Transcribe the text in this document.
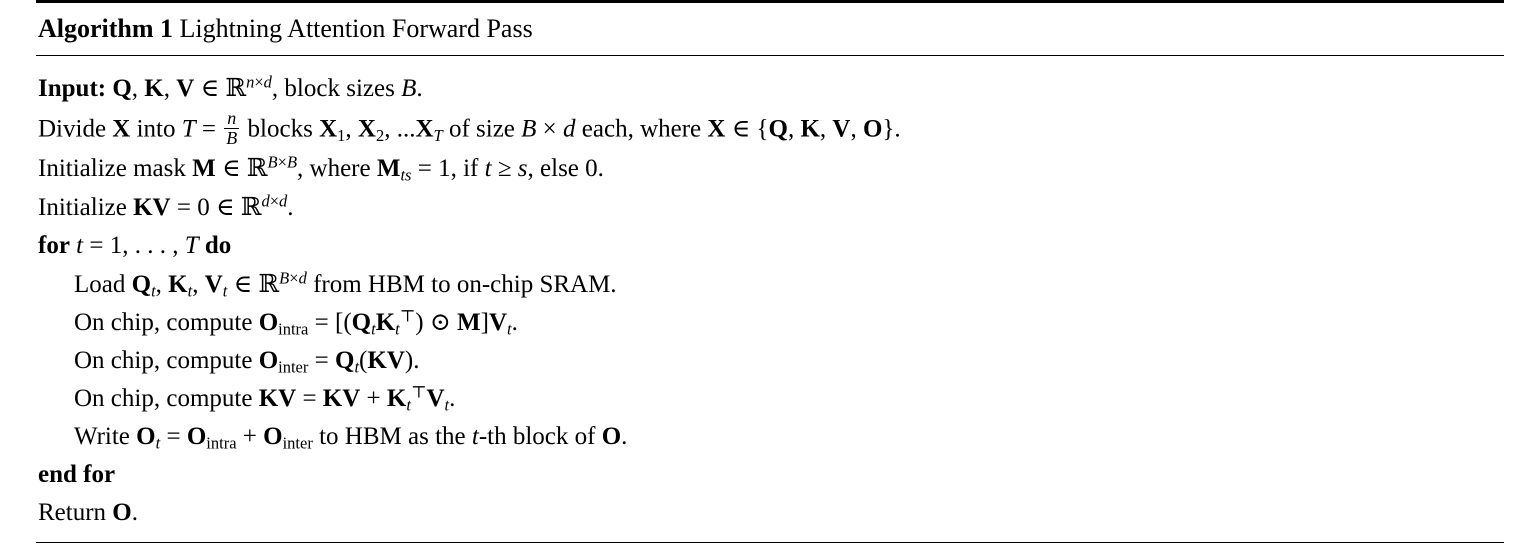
Algorithm 1 Lightning Attention Forward Pass
Input: Q, K, V ∈ ℝ$^{n\times d}$, block sizes B.
Divide X into $T = \frac{n}{B}$ blocks $X_1$, $X_2$, $...X_T$ of size B × d each, where X ∈ {Q, K, V, O}.
Initialize mask M ∈ ℝ$^{B\times B}$, where $M_{ts} = 1$, if t ≥ s, else 0.
Initialize KV = 0 ∈ ℝ$^{d\times d}$.
for t = 1, . . . , T do
Load $Q_t$, $K_t$, $V_t$ ∈ ℝ$^{B\times d}$ from HBM to on-chip SRAM.
On chip, compute $O_{intra} = [(Q_tK_t^⊤)$ ⊙ $M]V_t$.
On chip, compute $O_{inter} = Q_t(KV)$.
On chip, compute KV = KV + $K_t^⊤V_t$.
Write $O_t = O_{intra} + O_{inter}$ to HBM as the t-th block of O.
end for
Return O.
